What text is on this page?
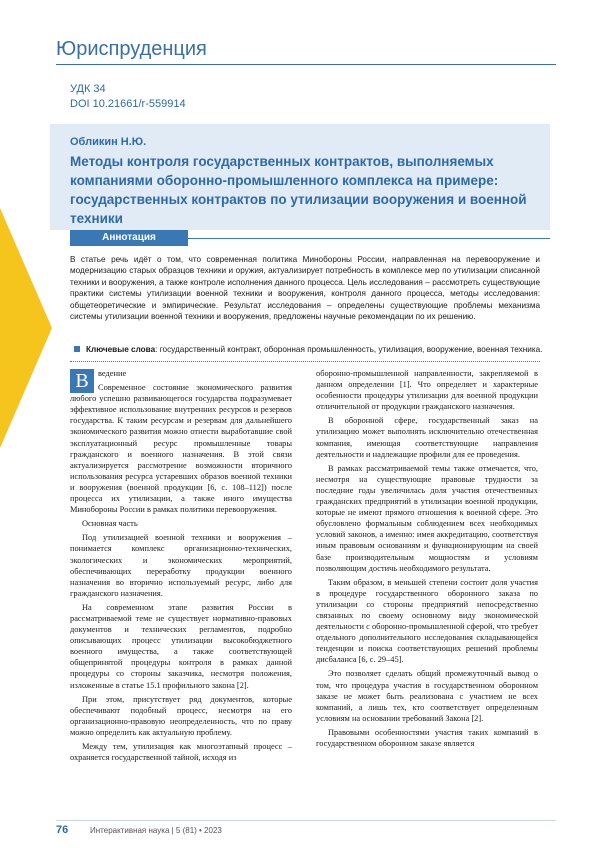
Юриспруденция
УДК 34
DOI 10.21661/r-559914
Обликин Н.Ю.
Методы контроля государственных контрактов, выполняемых компаниями оборонно-промышленного комплекса на примере: государственных контрактов по утилизации вооружения и военной техники
Аннотация
В статье речь идёт о том, что современная политика Минобороны России, направленная на перевооружение и модернизацию старых образцов техники и оружия, актуализирует потребность в комплексе мер по утилизации списанной техники и вооружения, а также контроле исполнения данного процесса. Цель исследования – рассмотреть существующие практики системы утилизации военной техники и вооружения, контроля данного процесса, методы исследования: общетеоретические и эмпирические. Результат исследования – определены существующие проблемы механизма системы утилизации военной техники и вооружения, предложены научные рекомендации по их решению.
Ключевые слова: государственный контракт, оборонная промышленность, утилизация, вооружение, военная техника.
В	ведение

Современное состояние экономического развития любого успешно развивающегося государства подразумевает эффективное использование внутренних ресурсов и резервов государства. К таким ресурсам и резервам для дальнейшего экономического развития можно отнести выработавшие свой эксплуатационный ресурс промышленные товары гражданского и военного назначения. В этой связи актуализируется рассмотрение возможности вторичного использования ресурса устаревших образов военной техники и вооружения (военной продукции [6, с. 108–112]) после процесса их утилизации, а также иного имущества Минобороны России в рамках политики перевооружения.

Основная часть

Под утилизацией военной техники и вооружения – понимается комплекс организационно-технических, экологических и экономических мероприятий, обеспечивающих переработку продукции военного назначения во вторично используемый ресурс, либо для гражданского назначения.

На современном этапе развития России в рассматриваемой теме не существует нормативно-правовых документов и технических регламентов, подробно описывающих процесс утилизации высокобюджетного военного имущества, а также соответствующей общепринятой процедуры контроля в рамках данной процедуры со стороны заказчика, несмотря положения, изложенные в статье 15.1 профильного закона [2].

При этом, присутствует ряд документов, которые обеспечивают подобный процесс, несмотря на его организационно-правовую неопределенность, что по праву можно определить как актуальную проблему.

Между тем, утилизация как многоэтапный процесс – охраняется государственной тайной, исходя из

оборонно-промышленной направленности, закрепляемой в данном определении [1]. Что определяет и характерные особенности процедуры утилизации для военной продукции отличительной от продукции гражданского назначения.

В оборонной сфере, государственный заказ на утилизацию может выполнять исключительно отечественная компания, имеющая соответствующие направления деятельности и надлежащие профили для ее проведения.

В рамках рассматриваемой темы также отмечается, что, несмотря на существующие правовые трудности за последние годы увеличилась доля участия отечественных гражданских предприятий в утилизации военной продукции, которые не имеют прямого отношения к военной сфере. Это обусловлено формальным соблюдением всех необходимых условий законов, а именно: имея аккредитацию, соответствуя иным правовым основаниям и функционирующим на своей базе производительным мощностям и условиям позволяющим достичь необходимого результата.

Таким образом, в меньшей степени состоит доля участия в процедуре государственного оборонного заказа по утилизации со стороны предприятий непосредственно связанных по своему основному виду экономической деятельности с оборонно-промышленной сферой, что требует отдельного дополнительного исследования складывающейся тенденции и поиска соответствующих решений проблемы дисбаланса [6, с. 29–45].

Это позволяет сделать общий промежуточный вывод о том, что процедура участия в государственном оборонном заказе не может быть реализована с участием не всех компаний, а лишь тех, кто соответствует определенным условиям на основании требований Закона [2].

Правовыми особенностями участия таких компаний в государственном оборонном заказе является

76	Интерактивная наука | 5 (81) • 2023
